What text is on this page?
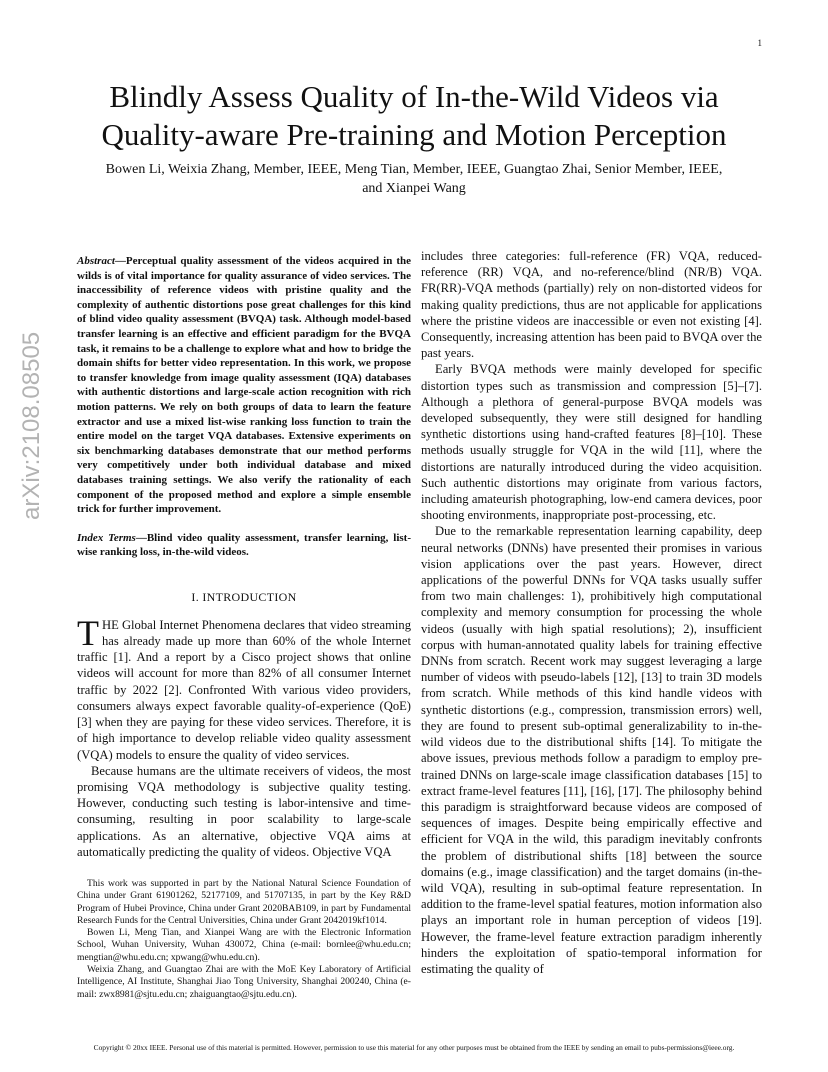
1
Blindly Assess Quality of In-the-Wild Videos via
Quality-aware Pre-training and Motion Perception
Bowen Li, Weixia Zhang, Member, IEEE, Meng Tian, Member, IEEE, Guangtao Zhai, Senior Member, IEEE,
and Xianpei Wang
arXiv:2108.08505
Abstract—Perceptual quality assessment of the videos acquired in the wilds is of vital importance for quality assurance of video services. The inaccessibility of reference videos with pristine quality and the complexity of authentic distortions pose great challenges for this kind of blind video quality assessment (BVQA) task. Although model-based transfer learning is an effective and efficient paradigm for the BVQA task, it remains to be a challenge to explore what and how to bridge the domain shifts for better video representation. In this work, we propose to transfer knowledge from image quality assessment (IQA) databases with authentic distortions and large-scale action recognition with rich motion patterns. We rely on both groups of data to learn the feature extractor and use a mixed list-wise ranking loss function to train the entire model on the target VQA databases. Extensive experiments on six benchmarking databases demonstrate that our method performs very competitively under both individual database and mixed databases training settings. We also verify the rationality of each component of the proposed method and explore a simple ensemble trick for further improvement.
Index Terms—Blind video quality assessment, transfer learning, list-wise ranking loss, in-the-wild videos.
I. INTRODUCTION

THE Global Internet Phenomena declares that video streaming has already made up more than 60% of the whole Internet traffic [1]. And a report by a Cisco project shows that online videos will account for more than 82% of all consumer Internet traffic by 2022 [2]. Confronted With various video providers, consumers always expect favorable quality-of-experience (QoE) [3] when they are paying for these video services. Therefore, it is of high importance to develop reliable video quality assessment (VQA) models to ensure the quality of video services.

Because humans are the ultimate receivers of videos, the most promising VQA methodology is subjective quality testing. However, conducting such testing is labor-intensive and time-consuming, resulting in poor scalability to large-scale applications. As an alternative, objective VQA aims at automatically predicting the quality of videos. Objective VQA

This work was supported in part by the National Natural Science Foundation of China under Grant 61901262, 52177109, and 51707135, in part by the Key R&D Program of Hubei Province, China under Grant 2020BAB109, in part by Fundamental Research Funds for the Central Universities, China under Grant 2042019kf1014.

Bowen Li, Meng Tian, and Xianpei Wang are with the Electronic Information School, Wuhan University, Wuhan 430072, China (e-mail: bornlee@whu.edu.cn; mengtian@whu.edu.cn; xpwang@whu.edu.cn).

Weixia Zhang, and Guangtao Zhai are with the MoE Key Laboratory of Artificial Intelligence, AI Institute, Shanghai Jiao Tong University, Shanghai 200240, China (e-mail: zwx8981@sjtu.edu.cn; zhaiguangtao@sjtu.edu.cn).

includes three categories: full-reference (FR) VQA, reduced-reference (RR) VQA, and no-reference/blind (NR/B) VQA. FR(RR)-VQA methods (partially) rely on non-distorted videos for making quality predictions, thus are not applicable for applications where the pristine videos are inaccessible or even not existing [4]. Consequently, increasing attention has been paid to BVQA over the past years.

Early BVQA methods were mainly developed for specific distortion types such as transmission and compression [5]–[7]. Although a plethora of general-purpose BVQA models was developed subsequently, they were still designed for handling synthetic distortions using hand-crafted features [8]–[10]. These methods usually struggle for VQA in the wild [11], where the distortions are naturally introduced during the video acquisition. Such authentic distortions may originate from various factors, including amateurish photographing, low-end camera devices, poor shooting environments, inappropriate post-processing, etc.

Due to the remarkable representation learning capability, deep neural networks (DNNs) have presented their promises in various vision applications over the past years. However, direct applications of the powerful DNNs for VQA tasks usually suffer from two main challenges: 1), prohibitively high computational complexity and memory consumption for processing the whole videos (usually with high spatial resolutions); 2), insufficient corpus with human-annotated quality labels for training effective DNNs from scratch. Recent work may suggest leveraging a large number of videos with pseudo-labels [12], [13] to train 3D models from scratch. While methods of this kind handle videos with synthetic distortions (e.g., compression, transmission errors) well, they are found to present sub-optimal generalizability to in-the-wild videos due to the distributional shifts [14]. To mitigate the above issues, previous methods follow a paradigm to employ pre-trained DNNs on large-scale image classification databases [15] to extract frame-level features [11], [16], [17]. The philosophy behind this paradigm is straightforward because videos are composed of sequences of images. Despite being empirically effective and efficient for VQA in the wild, this paradigm inevitably confronts the problem of distributional shifts [18] between the source domains (e.g., image classification) and the target domains (in-the-wild VQA), resulting in sub-optimal feature representation. In addition to the frame-level spatial features, motion information also plays an important role in human perception of videos [19]. However, the frame-level feature extraction paradigm inherently hinders the exploitation of spatio-temporal information for estimating the quality of

Copyright © 20xx IEEE. Personal use of this material is permitted. However, permission to use this material for any other purposes must be obtained from the IEEE by sending an email to pubs-permissions@ieee.org.
